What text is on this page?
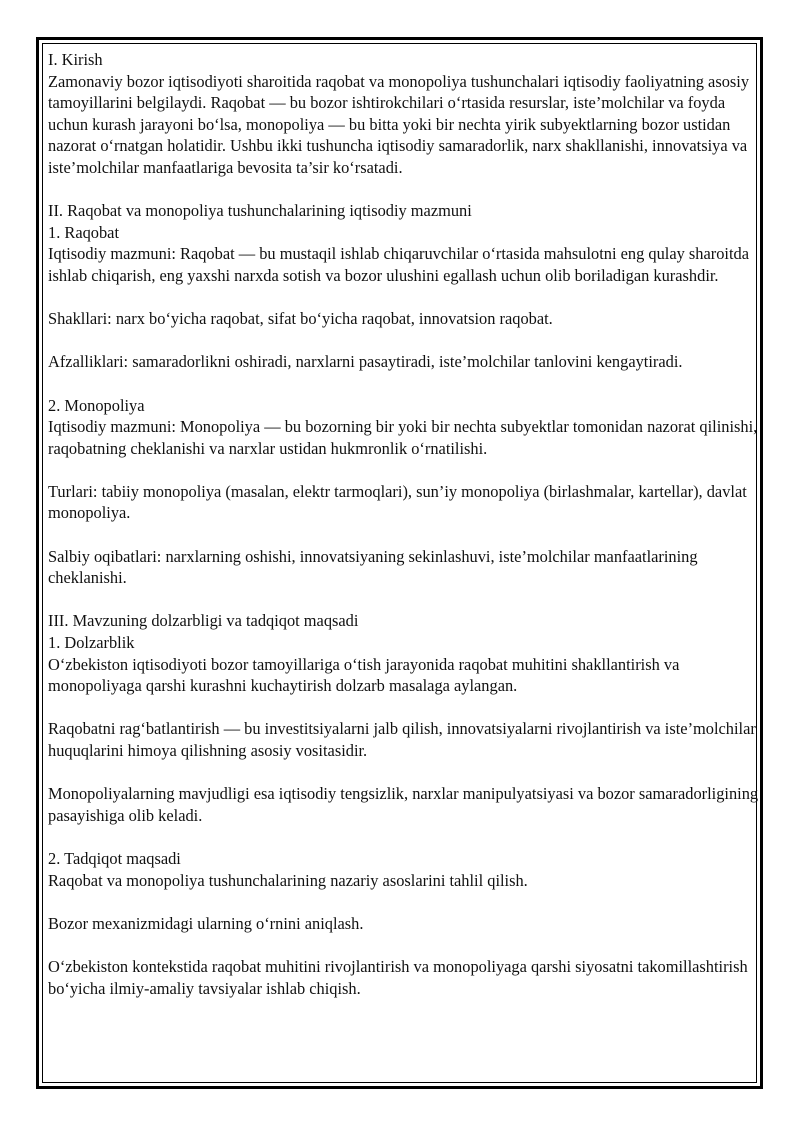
I. Kirish
Zamonaviy bozor iqtisodiyoti sharoitida raqobat va monopoliya tushunchalari iqtisodiy faoliyatning asosiy tamoyillarini belgilaydi. Raqobat — bu bozor ishtirokchilari o‘rtasida resurslar, iste’molchilar va foyda uchun kurash jarayoni bo‘lsa, monopoliya — bu bitta yoki bir nechta yirik subyektlarning bozor ustidan nazorat o‘rnatgan holatidir. Ushbu ikki tushuncha iqtisodiy samaradorlik, narx shakllanishi, innovatsiya va iste’molchilar manfaatlariga bevosita ta’sir ko‘rsatadi.

II. Raqobat va monopoliya tushunchalarining iqtisodiy mazmuni
1. Raqobat

Iqtisodiy mazmuni: Raqobat — bu mustaqil ishlab chiqaruvchilar o‘rtasida mahsulotni eng qulay sharoitda ishlab chiqarish, eng yaxshi narxda sotish va bozor ulushini egallash uchun olib boriladigan kurashdir.

Shakllari: narx bo‘yicha raqobat, sifat bo‘yicha raqobat, innovatsion raqobat.

Afzalliklari: samaradorlikni oshiradi, narxlarni pasaytiradi, iste’molchilar tanlovini kengaytiradi.

2. Monopoliya

Iqtisodiy mazmuni: Monopoliya — bu bozorning bir yoki bir nechta subyektlar tomonidan nazorat qilinishi, raqobatning cheklanishi va narxlar ustidan hukmronlik o‘rnatilishi.

Turlari: tabiiy monopoliya (masalan, elektr tarmoqlari), sun’iy monopoliya (birlashmalar, kartellar), davlat monopoliya.

Salbiy oqibatlari: narxlarning oshishi, innovatsiyaning sekinlashuvi, iste’molchilar manfaatlarining cheklanishi.

III. Mavzuning dolzarbligi va tadqiqot maqsadi
1. Dolzarblik

O‘zbekiston iqtisodiyoti bozor tamoyillariga o‘tish jarayonida raqobat muhitini shakllantirish va monopoliyaga qarshi kurashni kuchaytirish dolzarb masalaga aylangan.

Raqobatni rag‘batlantirish — bu investitsiyalarni jalb qilish, innovatsiyalarni rivojlantirish va iste’molchilar huquqlarini himoya qilishning asosiy vositasidir.

Monopoliyalarning mavjudligi esa iqtisodiy tengsizlik, narxlar manipulyatsiyasi va bozor samaradorligining pasayishiga olib keladi.

2. Tadqiqot maqsadi

Raqobat va monopoliya tushunchalarining nazariy asoslarini tahlil qilish.

Bozor mexanizmidagi ularning o‘rnini aniqlash.

O‘zbekiston kontekstida raqobat muhitini rivojlantirish va monopoliyaga qarshi siyosatni takomillashtirish bo‘yicha ilmiy-amaliy tavsiyalar ishlab chiqish.
